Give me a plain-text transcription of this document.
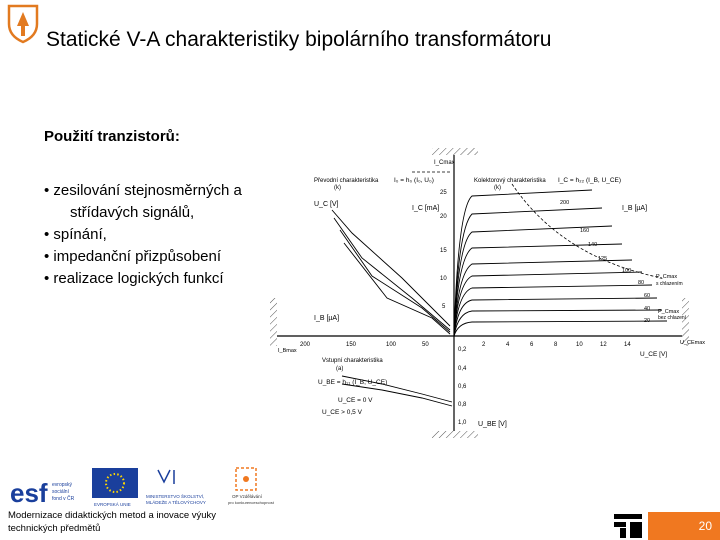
Statické V-A charakteristiky bipolárního transformátoru
Použití tranzistorů:
• zesilování stejnosměrných a
střídavých signálů,
• spínání,
• impedanční přizpůsobení
• realizace logických funkcí
Převodní charakteristika
(k)
I₀ = h₀ (I₀, U₀)
I_Cmax
U_C [V]
I_C [mA]
25
20
15
10
5
Kolektorový charakteristika
(k)
I_C = h₂₂ (I_B, U_CE)
I_B [µA]
200
160
140
125
100
80
60
40
20
P_Cmax
s chlazením
P_Cmax
bez chlazení
2	4	6	8	10	12	14
U_CE [V]
U_CEmax
I_B [µA]
200	150	100	50
I_Bmax	0,2
0,4
0,6
0,8
1,0 U_BE [V]
Vstupní charakteristika
(a)
U_BE = h₁₁ (I_B, U_CE)
U_CE = 0 V
U_CE > 0,5 V
esf evropský
sociální
fond v ČR
EVROPSKÁ UNIE
MINISTERSTVO ŠKOLSTVÍ,
MLÁDEŽE A TĚLOVÝCHOVY
OP Vzdělávání
pro konkurenceschopnost
Modernizace didaktických metod a inovace výuky
technických předmětů	20
